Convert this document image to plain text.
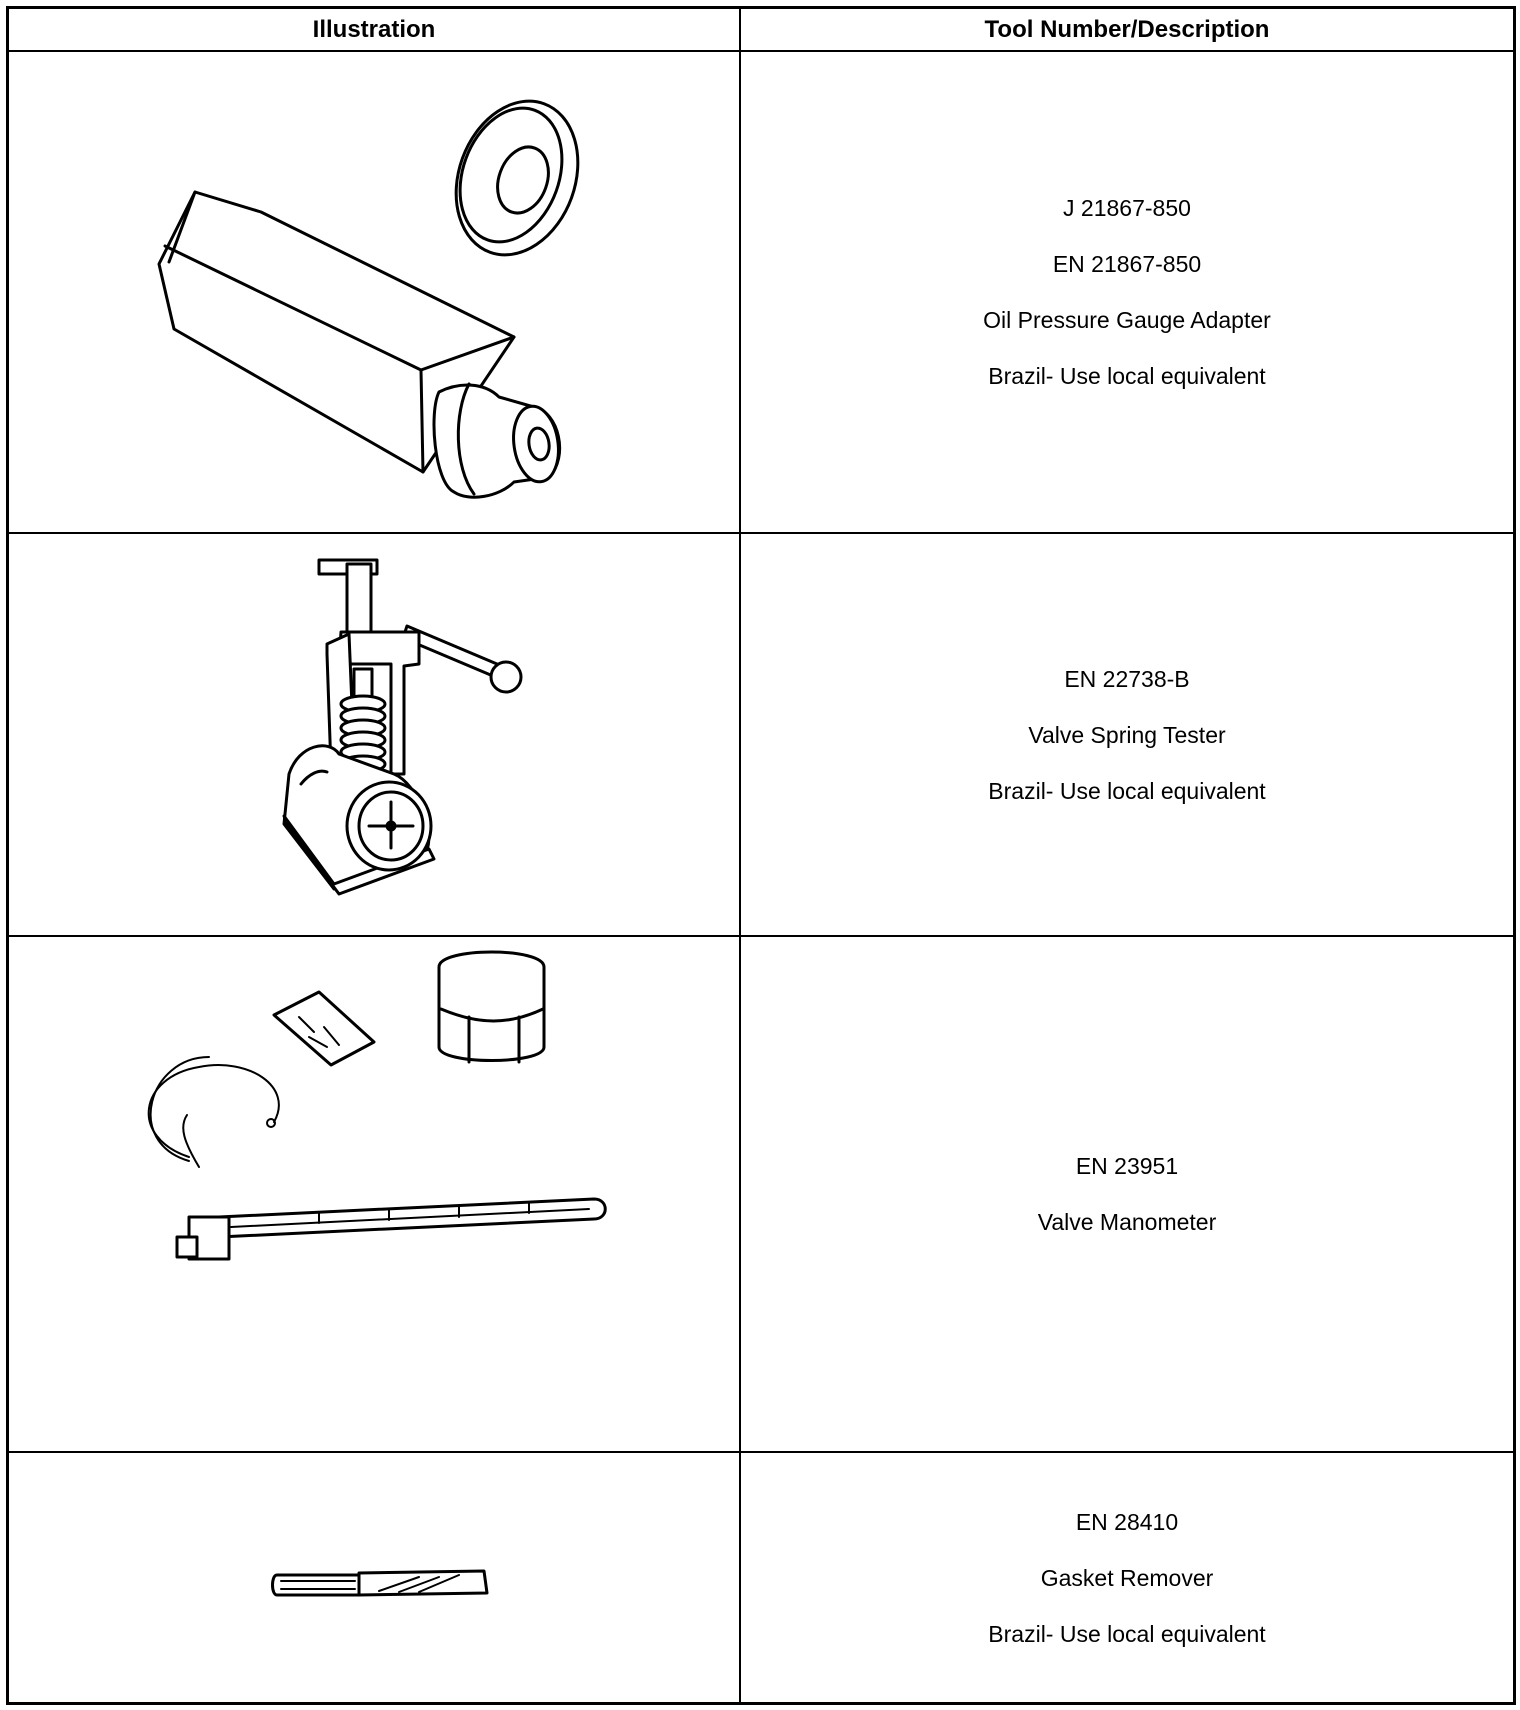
Illustration	Tool Number/Description
J 21867-850
EN 21867-850
Oil Pressure Gauge Adapter
Brazil- Use local equivalent
EN 22738-B
Valve Spring Tester
Brazil- Use local equivalent
EN 23951
Valve Manometer
EN 28410
Gasket Remover
Brazil- Use local equivalent
